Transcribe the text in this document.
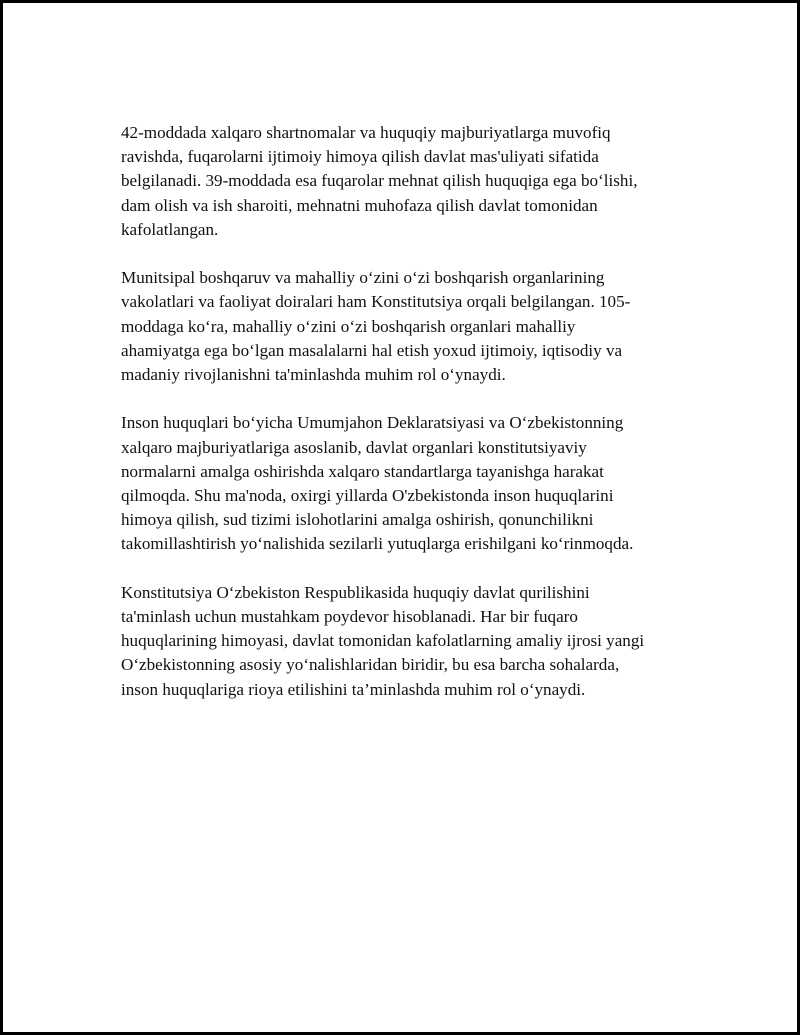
42-moddada xalqaro shartnomalar va huquqiy majburiyatlarga muvofiq
ravishda, fuqarolarni ijtimoiy himoya qilish davlat mas'uliyati sifatida
belgilanadi. 39-moddada esa fuqarolar mehnat qilish huquqiga ega bo‘lishi,
dam olish va ish sharoiti, mehnatni muhofaza qilish davlat tomonidan
kafolatlangan.

Munitsipal boshqaruv va mahalliy o‘zini o‘zi boshqarish organlarining
vakolatlari va faoliyat doiralari ham Konstitutsiya orqali belgilangan. 105-
moddaga ko‘ra, mahalliy o‘zini o‘zi boshqarish organlari mahalliy
ahamiyatga ega bo‘lgan masalalarni hal etish yoxud ijtimoiy, iqtisodiy va
madaniy rivojlanishni ta'minlashda muhim rol o‘ynaydi.

Inson huquqlari bo‘yicha Umumjahon Deklaratsiyasi va O‘zbekistonning
xalqaro majburiyatlariga asoslanib, davlat organlari konstitutsiyaviy
normalarni amalga oshirishda xalqaro standartlarga tayanishga harakat
qilmoqda. Shu ma'noda, oxirgi yillarda O'zbekistonda inson huquqlarini
himoya qilish, sud tizimi islohotlarini amalga oshirish, qonunchilikni
takomillashtirish yo‘nalishida sezilarli yutuqlarga erishilgani ko‘rinmoqda.

Konstitutsiya O‘zbekiston Respublikasida huquqiy davlat qurilishini
ta'minlash uchun mustahkam poydevor hisoblanadi. Har bir fuqaro
huquqlarining himoyasi, davlat tomonidan kafolatlarning amaliy ijrosi yangi
O‘zbekistonning asosiy yo‘nalishlaridan biridir, bu esa barcha sohalarda,
inson huquqlariga rioya etilishini ta’minlashda muhim rol o‘ynaydi.
